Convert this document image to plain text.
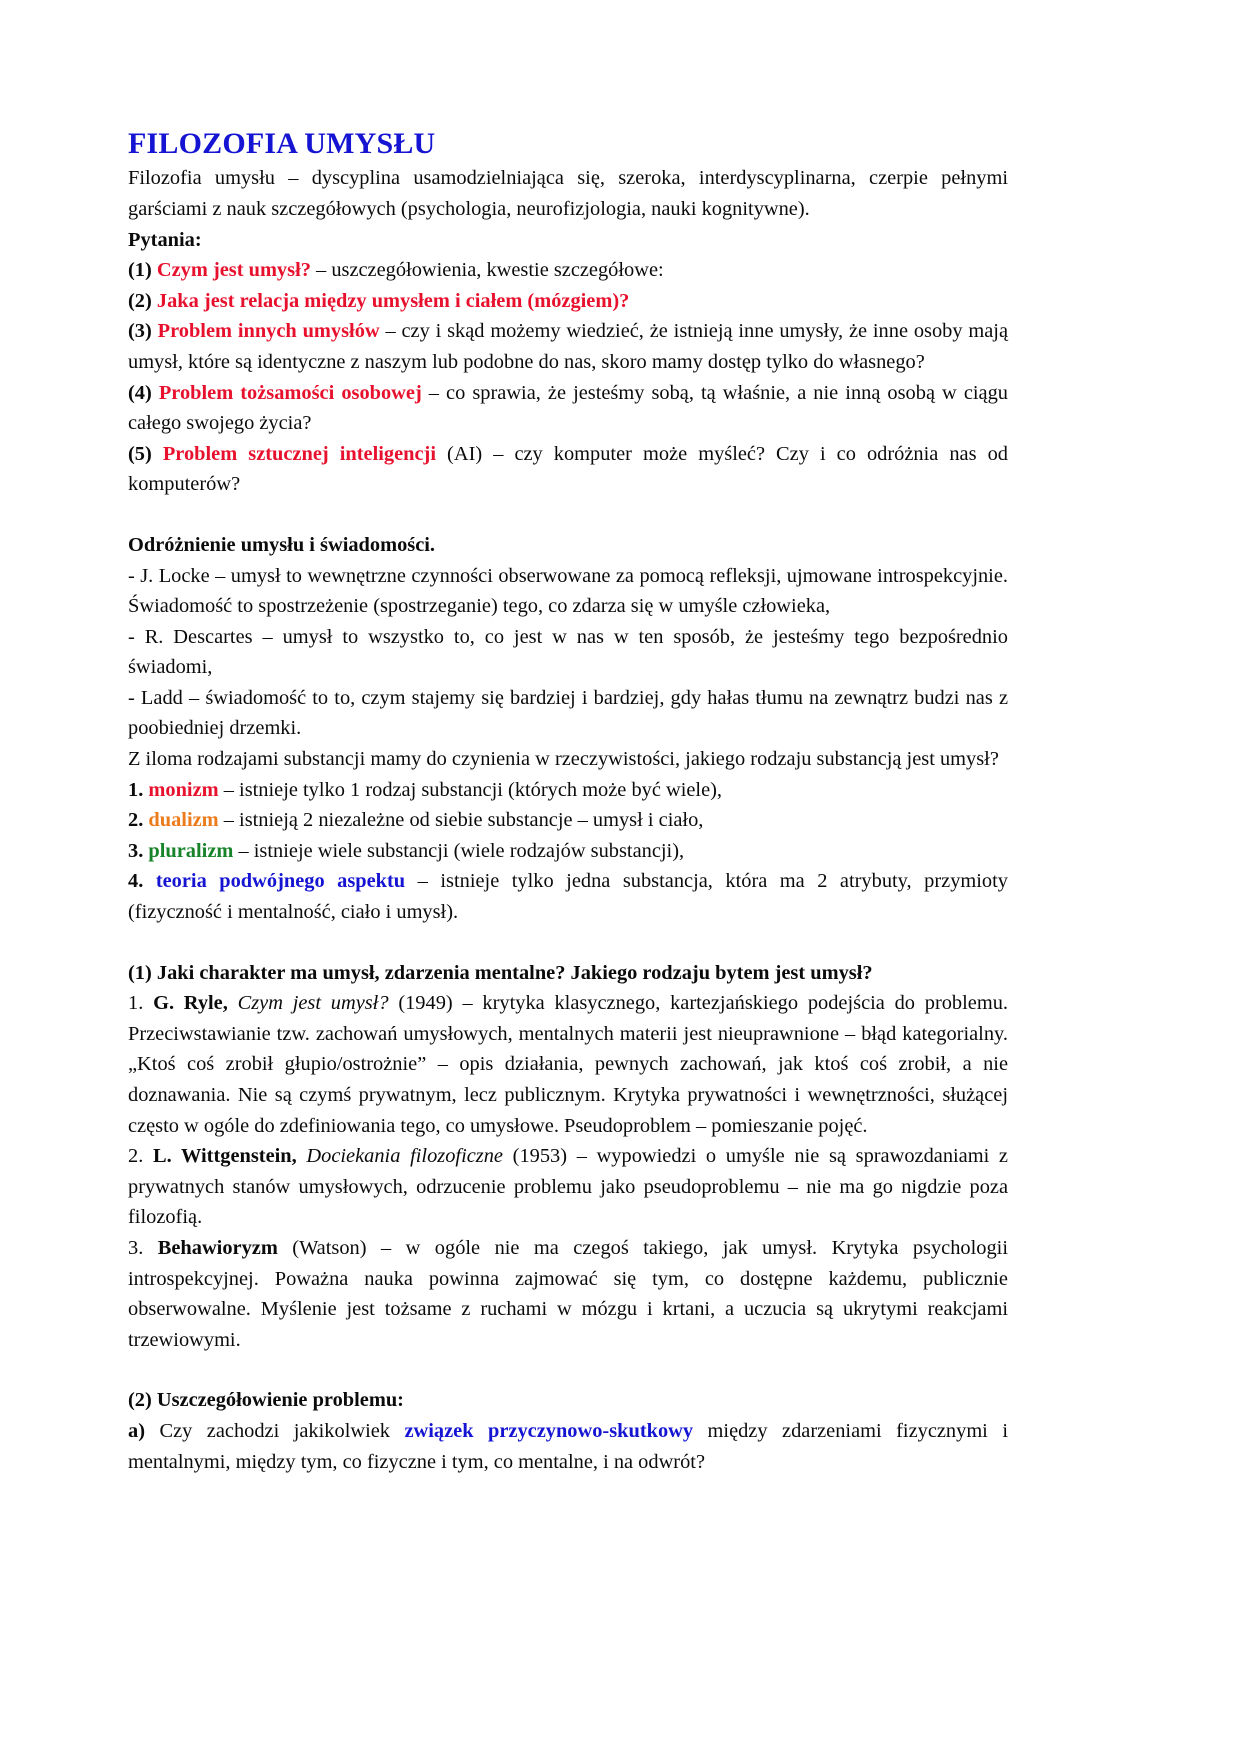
FILOZOFIA UMYSŁU

Filozofia umysłu – dyscyplina usamodzielniająca się, szeroka, interdyscyplinarna, czerpie pełnymi garściami z nauk szczegółowych (psychologia, neurofizjologia, nauki kognitywne).

Pytania:

(1) Czym jest umysł? – uszczegółowienia, kwestie szczegółowe:

(2) Jaka jest relacja między umysłem i ciałem (mózgiem)?

(3) Problem innych umysłów – czy i skąd możemy wiedzieć, że istnieją inne umysły, że inne osoby mają umysł, które są identyczne z naszym lub podobne do nas, skoro mamy dostęp tylko do własnego?

(4) Problem tożsamości osobowej – co sprawia, że jesteśmy sobą, tą właśnie, a nie inną osobą w ciągu całego swojego życia?

(5) Problem sztucznej inteligencji (AI) – czy komputer może myśleć? Czy i co odróżnia nas od komputerów?

Odróżnienie umysłu i świadomości.

- J. Locke – umysł to wewnętrzne czynności obserwowane za pomocą refleksji, ujmowane introspekcyjnie. Świadomość to spostrzeżenie (spostrzeganie) tego, co zdarza się w umyśle człowieka,

- R. Descartes – umysł to wszystko to, co jest w nas w ten sposób, że jesteśmy tego bezpośrednio świadomi,

- Ladd – świadomość to to, czym stajemy się bardziej i bardziej, gdy hałas tłumu na zewnątrz budzi nas z poobiedniej drzemki.

Z iloma rodzajami substancji mamy do czynienia w rzeczywistości, jakiego rodzaju substancją jest umysł?

1. monizm – istnieje tylko 1 rodzaj substancji (których może być wiele),

2. dualizm – istnieją 2 niezależne od siebie substancje – umysł i ciało,

3. pluralizm – istnieje wiele substancji (wiele rodzajów substancji),

4. teoria podwójnego aspektu – istnieje tylko jedna substancja, która ma 2 atrybuty, przymioty (fizyczność i mentalność, ciało i umysł).

(1) Jaki charakter ma umysł, zdarzenia mentalne? Jakiego rodzaju bytem jest umysł?

1. G. Ryle, Czym jest umysł? (1949) – krytyka klasycznego, kartezjańskiego podejścia do problemu. Przeciwstawianie tzw. zachowań umysłowych, mentalnych materii jest nieuprawnione – błąd kategorialny. „Ktoś coś zrobił głupio/ostrożnie” – opis działania, pewnych zachowań, jak ktoś coś zrobił, a nie doznawania. Nie są czymś prywatnym, lecz publicznym. Krytyka prywatności i wewnętrzności, służącej często w ogóle do zdefiniowania tego, co umysłowe. Pseudoproblem – pomieszanie pojęć.

2. L. Wittgenstein, Dociekania filozoficzne (1953) – wypowiedzi o umyśle nie są sprawozdaniami z prywatnych stanów umysłowych, odrzucenie problemu jako pseudoproblemu – nie ma go nigdzie poza filozofią.

3. Behawioryzm (Watson) – w ogóle nie ma czegoś takiego, jak umysł. Krytyka psychologii introspekcyjnej. Poważna nauka powinna zajmować się tym, co dostępne każdemu, publicznie obserwowalne. Myślenie jest tożsame z ruchami w mózgu i krtani, a uczucia są ukrytymi reakcjami trzewiowymi.

(2) Uszczegółowienie problemu:

a) Czy zachodzi jakikolwiek związek przyczynowo-skutkowy między zdarzeniami fizycznymi i mentalnymi, między tym, co fizyczne i tym, co mentalne, i na odwrót?
